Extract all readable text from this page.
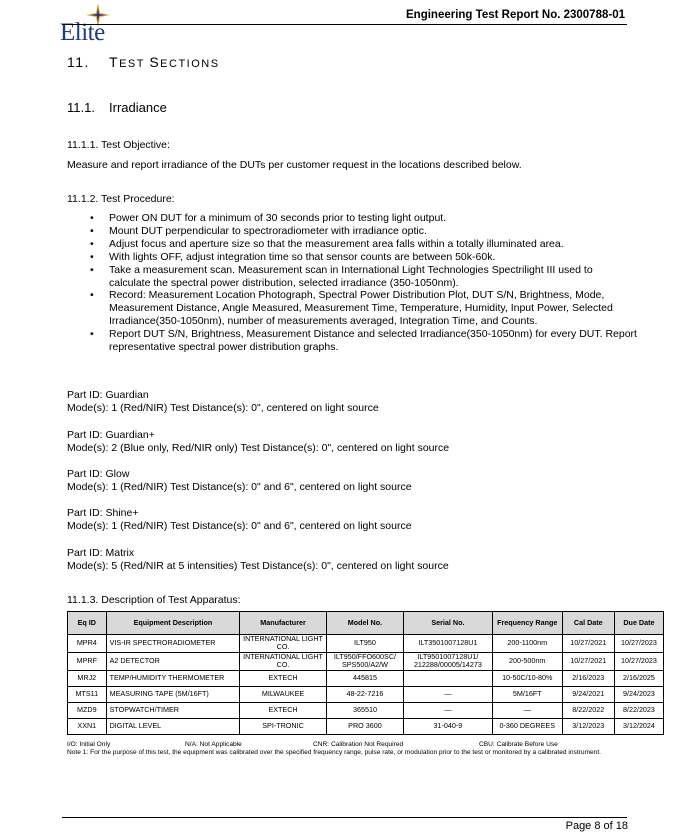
Elite
Engineering Test Report No. 2300788-01
11. TEST SECTIONS
11.1. Irradiance
11.1.1. Test Objective:
Measure and report irradiance of the DUTs per customer request in the locations described below.
11.1.2. Test Procedure:
• Power ON DUT for a minimum of 30 seconds prior to testing light output.
• Mount DUT perpendicular to spectroradiometer with irradiance optic.
• Adjust focus and aperture size so that the measurement area falls within a totally illuminated area.
• With lights OFF, adjust integration time so that sensor counts are between 50k-60k.
• Take a measurement scan. Measurement scan in International Light Technologies Spectrilight III used to calculate the spectral power distribution, selected irradiance (350-1050nm).
• Record: Measurement Location Photograph, Spectral Power Distribution Plot, DUT S/N, Brightness, Mode, Measurement Distance, Angle Measured, Measurement Time, Temperature, Humidity, Input Power, Selected Irradiance(350-1050nm), number of measurements averaged, Integration Time, and Counts.
• Report DUT S/N, Brightness, Measurement Distance and selected Irradiance(350-1050nm) for every DUT. Report representative spectral power distribution graphs.
Part ID: Guardian
Mode(s): 1 (Red/NIR) Test Distance(s): 0", centered on light source
Part ID: Guardian+
Mode(s): 2 (Blue only, Red/NIR only) Test Distance(s): 0", centered on light source
Part ID: Glow
Mode(s): 1 (Red/NIR) Test Distance(s): 0" and 6", centered on light source
Part ID: Shine+
Mode(s): 1 (Red/NIR) Test Distance(s): 0" and 6", centered on light source
Part ID: Matrix
Mode(s): 5 (Red/NIR at 5 intensities) Test Distance(s): 0", centered on light source
11.1.3. Description of Test Apparatus:
Eq ID	Equipment Description	Manufacturer	Model No.	Serial No.	Frequency Range	Cal Date	Due Date
MPR4	VIS-IR SPECTRORADIOMETER	INTERNATIONAL LIGHT CO.	ILT950	ILT3501007128U1	200-1100nm	10/27/2021	10/27/2023
MPRF	A2 DETECTOR	INTERNATIONAL LIGHT CO.	ILT950/FFO600SC/ SPS500/A2/W	ILT9501007128U1/ 212288/00005/14273	200-500nm	10/27/2021	10/27/2023
MRJ2	TEMP/HUMIDITY THERMOMETER	EXTECH	445815		10-50C/10-80%	2/16/2023	2/16/2025
MTS11	MEASURING TAPE (5M/16FT)	MILWAUKEE	48-22-7216	—	5M/16FT	9/24/2021	9/24/2023
MZD9	STOPWATCH/TIMER	EXTECH	365510	—	—	8/22/2022	8/22/2023
XXN1	DIGITAL LEVEL	SPI-TRONIC	PRO 3600	31-040-9	0-360 DEGREES	3/12/2023	3/12/2024
I/O: Initial Only	N/A: Not Applicable	CNR: Calibration Not Required	CBU: Calibrate Before Use
Note 1: For the purpose of this test, the equipment was calibrated over the specified frequency range, pulse rate, or modulation prior to the test or monitored by a calibrated instrument.
Page 8 of 18
